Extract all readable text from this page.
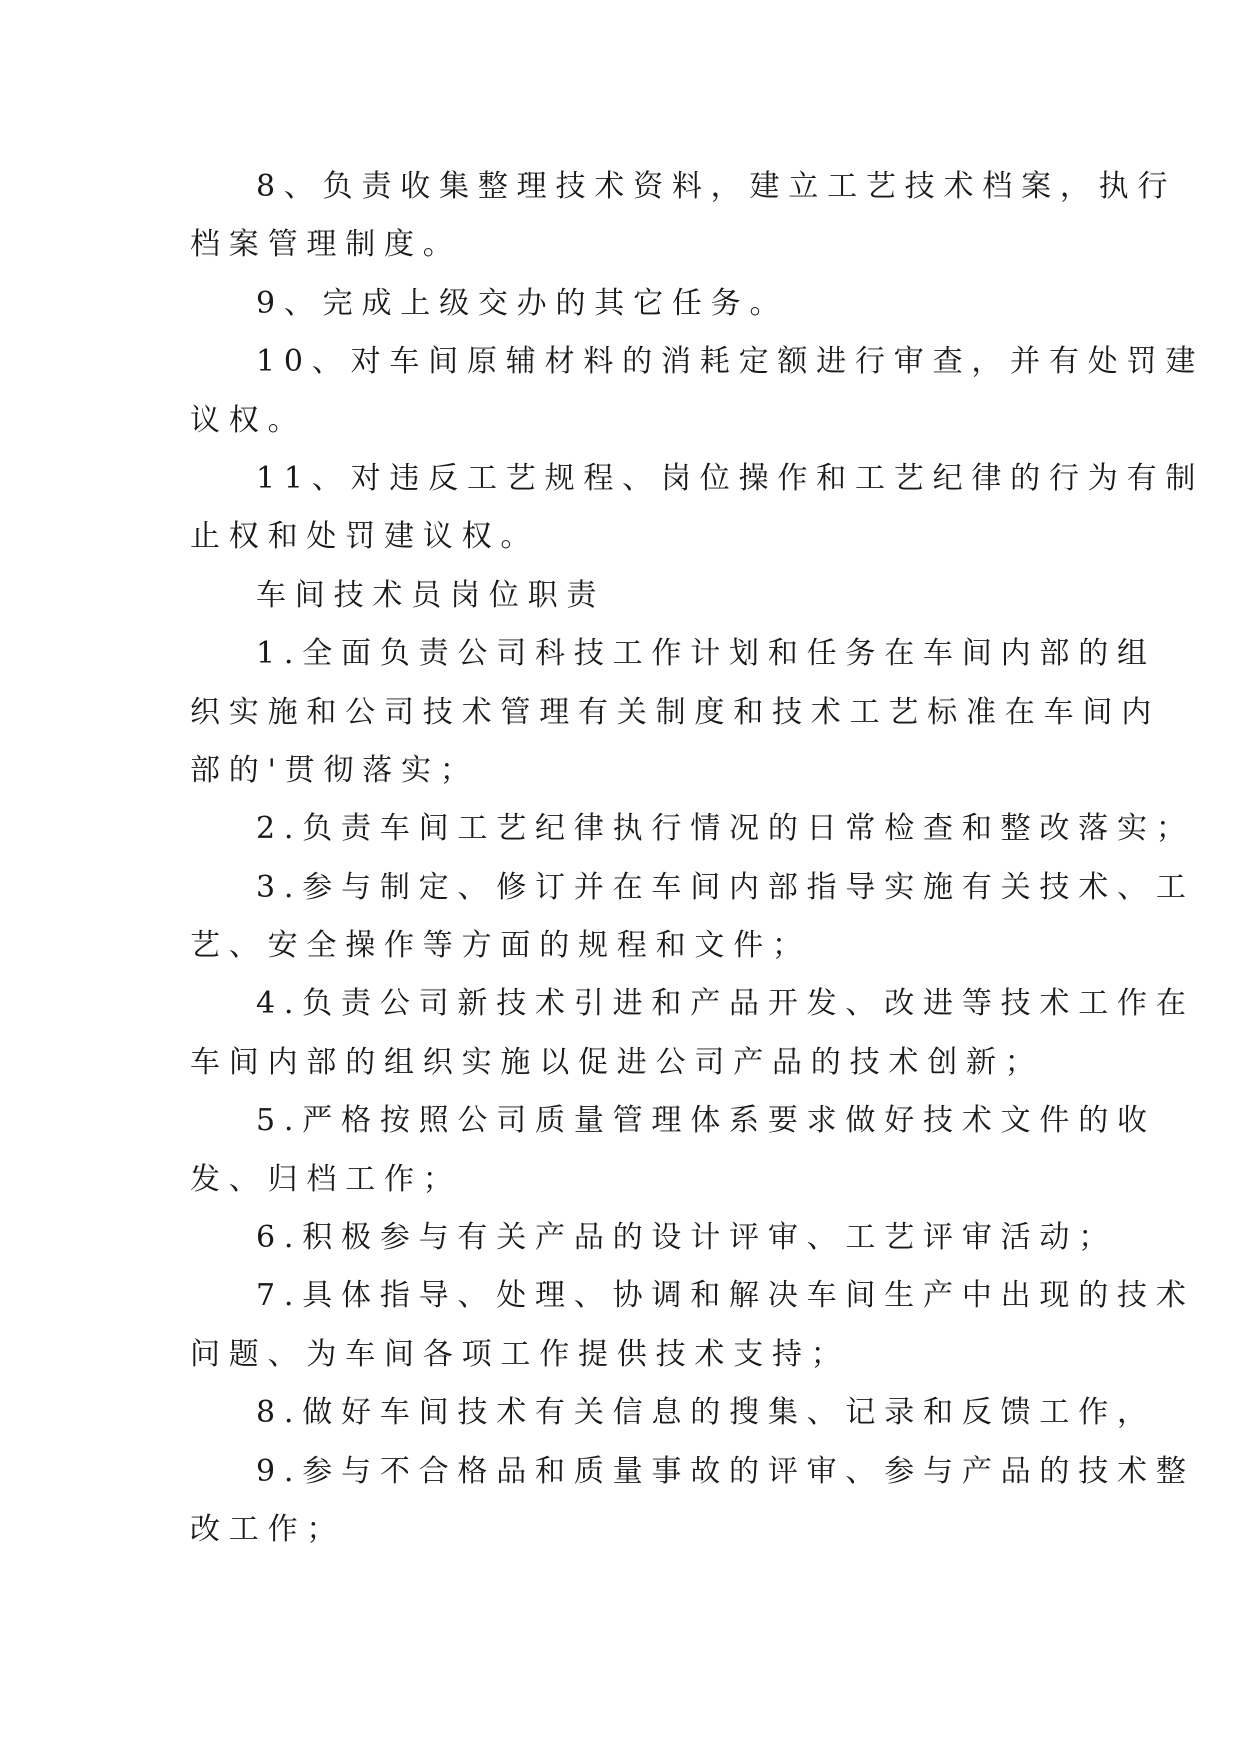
8、负责收集整理技术资料，建立工艺技术档案，执行
档案管理制度。
9、完成上级交办的其它任务。
10、对车间原辅材料的消耗定额进行审查，并有处罚建
议权。
11、对违反工艺规程、岗位操作和工艺纪律的行为有制
止权和处罚建议权。
车间技术员岗位职责
1.全面负责公司科技工作计划和任务在车间内部的组
织实施和公司技术管理有关制度和技术工艺标准在车间内
部的'贯彻落实；
2.负责车间工艺纪律执行情况的日常检查和整改落实；
3.参与制定、修订并在车间内部指导实施有关技术、工
艺、安全操作等方面的规程和文件；
4.负责公司新技术引进和产品开发、改进等技术工作在
车间内部的组织实施以促进公司产品的技术创新；
5.严格按照公司质量管理体系要求做好技术文件的收
发、归档工作；
6.积极参与有关产品的设计评审、工艺评审活动；
7.具体指导、处理、协调和解决车间生产中出现的技术
问题、为车间各项工作提供技术支持；
8.做好车间技术有关信息的搜集、记录和反馈工作，
9.参与不合格品和质量事故的评审、参与产品的技术整
改工作；
